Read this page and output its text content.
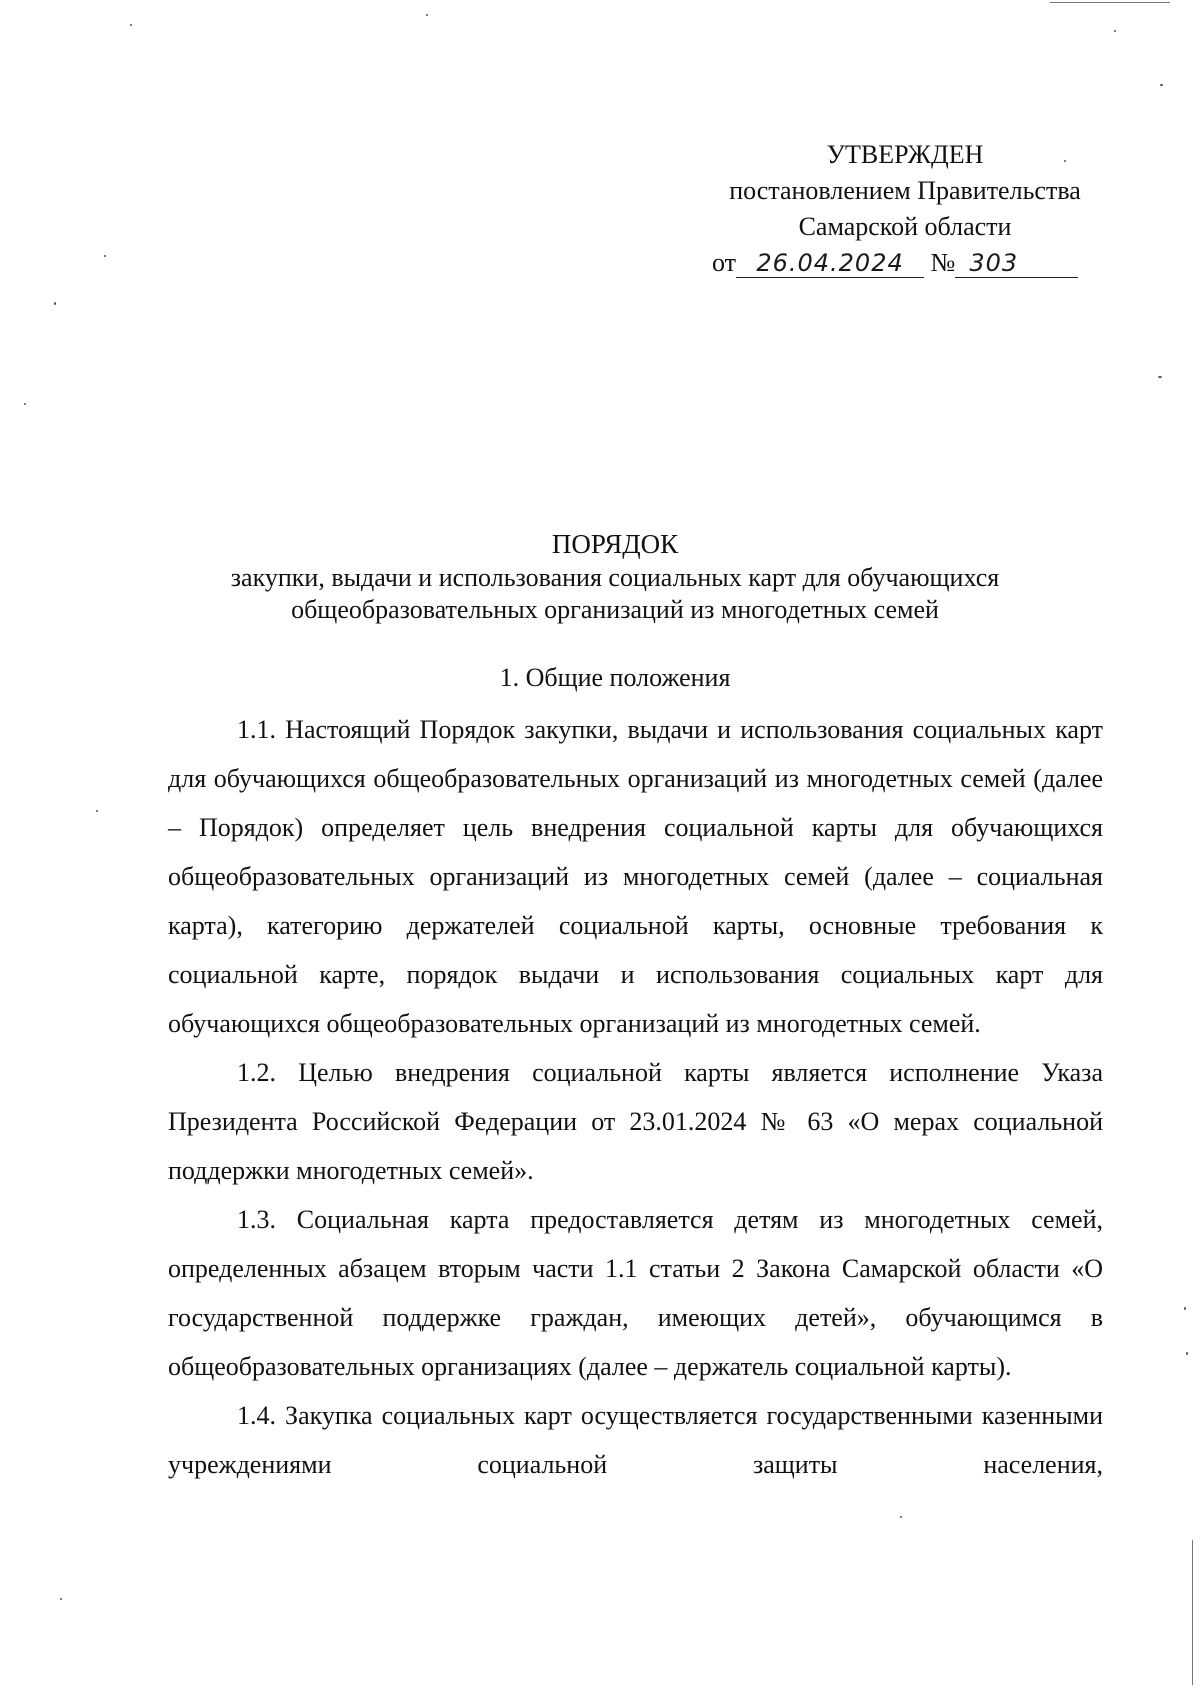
УТВЕРЖДЕН
постановлением Правительства
Самарской области
от 26.04.2024 № 303
ПОРЯДОК
закупки, выдачи и использования социальных карт для обучающихся
общеобразовательных организаций из многодетных семей
1. Общие положения

1.1. Настоящий Порядок закупки, выдачи и использования социальных карт для обучающихся общеобразовательных организаций из многодетных семей (далее – Порядок) определяет цель внедрения социальной карты для обучающихся общеобразовательных организаций из многодетных семей (далее – социальная карта), категорию держателей социальной карты, основные требования к социальной карте, порядок выдачи и использования социальных карт для обучающихся общеобразовательных организаций из многодетных семей.

1.2. Целью внедрения социальной карты является исполнение Указа Президента Российской Федерации от 23.01.2024 № 63 «О мерах социальной поддержки многодетных семей».

1.3. Социальная карта предоставляется детям из многодетных семей, определенных абзацем вторым части 1.1 статьи 2 Закона Самарской области «О государственной поддержке граждан, имеющих детей», обучающимся в общеобразовательных организациях (далее – держатель социальной карты).

1.4. Закупка социальных карт осуществляется государственными казенными учреждениями социальной защиты населения,
